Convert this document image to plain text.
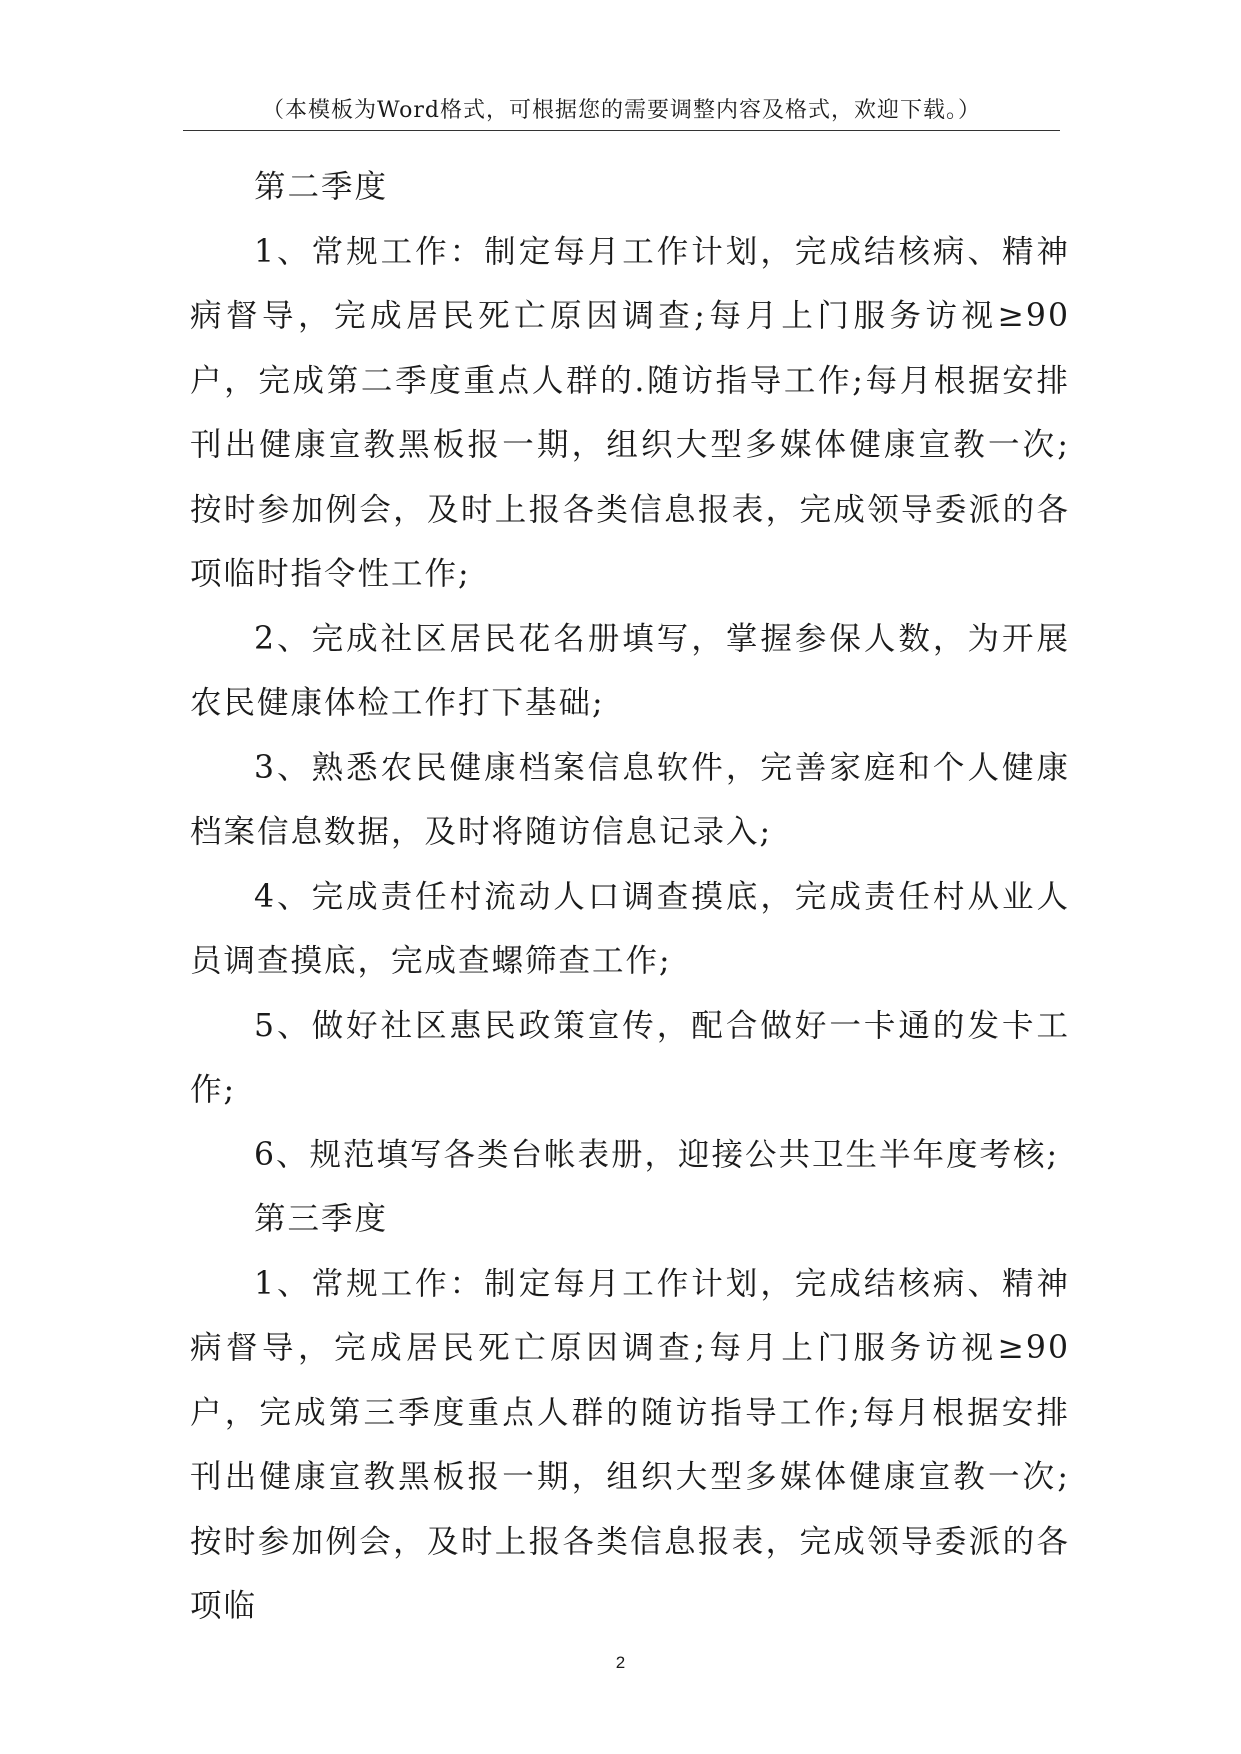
（本模板为Word格式，可根据您的需要调整内容及格式，欢迎下载。）

第二季度

1、常规工作：制定每月工作计划，完成结核病、精神病督导，完成居民死亡原因调查;每月上门服务访视≥90户，完成第二季度重点人群的.随访指导工作;每月根据安排刊出健康宣教黑板报一期，组织大型多媒体健康宣教一次;按时参加例会，及时上报各类信息报表，完成领导委派的各项临时指令性工作;

2、完成社区居民花名册填写，掌握参保人数，为开展农民健康体检工作打下基础;

3、熟悉农民健康档案信息软件，完善家庭和个人健康档案信息数据，及时将随访信息记录入;

4、完成责任村流动人口调查摸底，完成责任村从业人员调查摸底，完成查螺筛查工作;

5、做好社区惠民政策宣传，配合做好一卡通的发卡工作;

6、规范填写各类台帐表册，迎接公共卫生半年度考核;

第三季度

1、常规工作：制定每月工作计划，完成结核病、精神病督导，完成居民死亡原因调查;每月上门服务访视≥90户，完成第三季度重点人群的随访指导工作;每月根据安排刊出健康宣教黑板报一期，组织大型多媒体健康宣教一次;按时参加例会，及时上报各类信息报表，完成领导委派的各项临

2
